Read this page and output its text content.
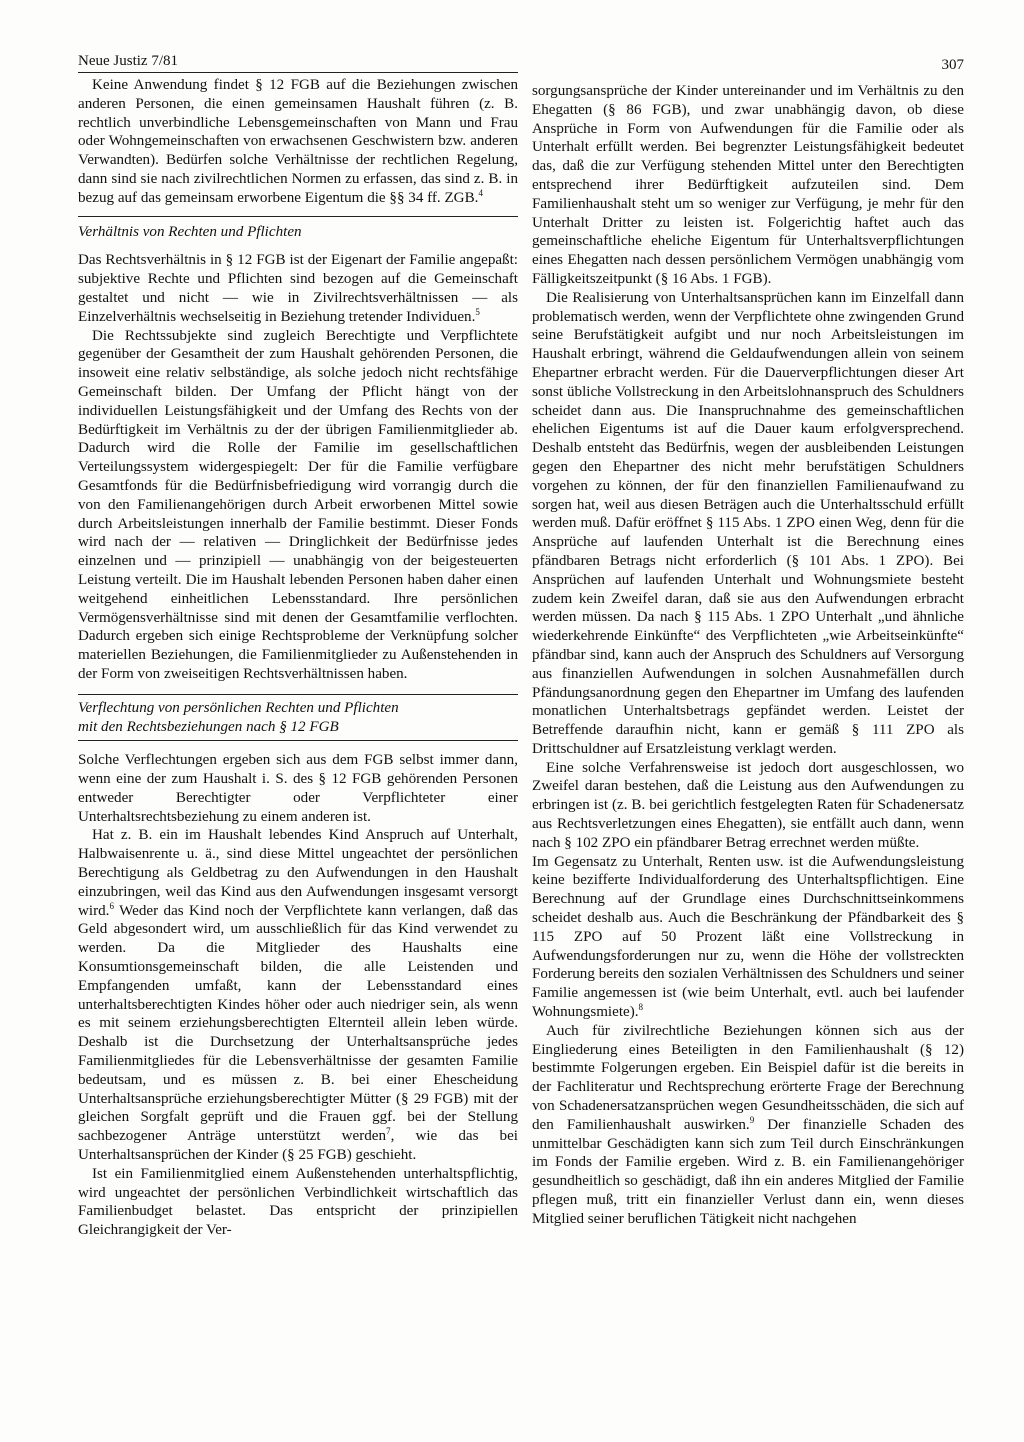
Neue Justiz 7/81	307

Keine Anwendung findet § 12 FGB auf die Beziehungen zwischen anderen Personen, die einen gemeinsamen Haushalt führen (z. B. rechtlich unverbindliche Lebensgemeinschaften von Mann und Frau oder Wohngemeinschaften von erwachsenen Geschwistern bzw. anderen Verwandten). Bedürfen solche Verhältnisse der rechtlichen Regelung, dann sind sie nach zivilrechtlichen Normen zu erfassen, das sind z. B. in bezug auf das gemeinsam erworbene Eigentum die §§ 34 ff. ZGB.$^4$

Verhältnis von Rechten und Pflichten

Das Rechtsverhältnis in § 12 FGB ist der Eigenart der Familie angepaßt: subjektive Rechte und Pflichten sind bezogen auf die Gemeinschaft gestaltet und nicht — wie in Zivilrechtsverhältnissen — als Einzelverhältnis wechselseitig in Beziehung tretender Individuen.$^5$

Die Rechtssubjekte sind zugleich Berechtigte und Verpflichtete gegenüber der Gesamtheit der zum Haushalt gehörenden Personen, die insoweit eine relativ selbständige, als solche jedoch nicht rechtsfähige Gemeinschaft bilden. Der Umfang der Pflicht hängt von der individuellen Leistungsfähigkeit und der Umfang des Rechts von der Bedürftigkeit im Verhältnis zu der der übrigen Familienmitglieder ab. Dadurch wird die Rolle der Familie im gesellschaftlichen Verteilungssystem widergespiegelt: Der für die Familie verfügbare Gesamtfonds für die Bedürfnisbefriedigung wird vorrangig durch die von den Familienangehörigen durch Arbeit erworbenen Mittel sowie durch Arbeitsleistungen innerhalb der Familie bestimmt. Dieser Fonds wird nach der — relativen — Dringlichkeit der Bedürfnisse jedes einzelnen und — prinzipiell — unabhängig von der beigesteuerten Leistung verteilt. Die im Haushalt lebenden Personen haben daher einen weitgehend einheitlichen Lebensstandard. Ihre persönlichen Vermögensverhältnisse sind mit denen der Gesamtfamilie verflochten. Dadurch ergeben sich einige Rechtsprobleme der Verknüpfung solcher materiellen Beziehungen, die Familienmitglieder zu Außenstehenden in der Form von zweiseitigen Rechtsverhältnissen haben.

Verflechtung von persönlichen Rechten und Pflichten
mit den Rechtsbeziehungen nach § 12 FGB

Solche Verflechtungen ergeben sich aus dem FGB selbst immer dann, wenn eine der zum Haushalt i. S. des § 12 FGB gehörenden Personen entweder Berechtigter oder Verpflichteter einer Unterhaltsrechtsbeziehung zu einem anderen ist.

Hat z. B. ein im Haushalt lebendes Kind Anspruch auf Unterhalt, Halbwaisenrente u. ä., sind diese Mittel ungeachtet der persönlichen Berechtigung als Geldbetrag zu den Aufwendungen in den Haushalt einzubringen, weil das Kind aus den Aufwendungen insgesamt versorgt wird.$^6$ Weder das Kind noch der Verpflichtete kann verlangen, daß das Geld abgesondert wird, um ausschließlich für das Kind verwendet zu werden. Da die Mitglieder des Haushalts eine Konsumtionsgemeinschaft bilden, die alle Leistenden und Empfangenden umfaßt, kann der Lebensstandard eines unterhaltsberechtigten Kindes höher oder auch niedriger sein, als wenn es mit seinem erziehungsberechtigten Elternteil allein leben würde. Deshalb ist die Durchsetzung der Unterhaltsansprüche jedes Familienmitgliedes für die Lebensverhältnisse der gesamten Familie bedeutsam, und es müssen z. B. bei einer Ehescheidung Unterhaltsansprüche erziehungsberechtigter Mütter (§ 29 FGB) mit der gleichen Sorgfalt geprüft und die Frauen ggf. bei der Stellung sachbezogener Anträge unterstützt werden$^7$, wie das bei Unterhaltsansprüchen der Kinder (§ 25 FGB) geschieht.

Ist ein Familienmitglied einem Außenstehenden unterhaltspflichtig, wird ungeachtet der persönlichen Verbindlichkeit wirtschaftlich das Familienbudget belastet. Das entspricht der prinzipiellen Gleichrangigkeit der Ver-

sorgungsansprüche der Kinder untereinander und im Verhältnis zu den Ehegatten (§ 86 FGB), und zwar unabhängig davon, ob diese Ansprüche in Form von Aufwendungen für die Familie oder als Unterhalt erfüllt werden. Bei begrenzter Leistungsfähigkeit bedeutet das, daß die zur Verfügung stehenden Mittel unter den Berechtigten entsprechend ihrer Bedürftigkeit aufzuteilen sind. Dem Familienhaushalt steht um so weniger zur Verfügung, je mehr für den Unterhalt Dritter zu leisten ist. Folgerichtig haftet auch das gemeinschaftliche eheliche Eigentum für Unterhaltsverpflichtungen eines Ehegatten nach dessen persönlichem Vermögen unabhängig vom Fälligkeitszeitpunkt (§ 16 Abs. 1 FGB).

Die Realisierung von Unterhaltsansprüchen kann im Einzelfall dann problematisch werden, wenn der Verpflichtete ohne zwingenden Grund seine Berufstätigkeit aufgibt und nur noch Arbeitsleistungen im Haushalt erbringt, während die Geldaufwendungen allein von seinem Ehepartner erbracht werden. Für die Dauerverpflichtungen dieser Art sonst übliche Vollstreckung in den Arbeitslohnanspruch des Schuldners scheidet dann aus. Die Inanspruchnahme des gemeinschaftlichen ehelichen Eigentums ist auf die Dauer kaum erfolgversprechend. Deshalb entsteht das Bedürfnis, wegen der ausbleibenden Leistungen gegen den Ehepartner des nicht mehr berufstätigen Schuldners vorgehen zu können, der für den finanziellen Familienaufwand zu sorgen hat, weil aus diesen Beträgen auch die Unterhaltsschuld erfüllt werden muß. Dafür eröffnet § 115 Abs. 1 ZPO einen Weg, denn für die Ansprüche auf laufenden Unterhalt ist die Berechnung eines pfändbaren Betrags nicht erforderlich (§ 101 Abs. 1 ZPO). Bei Ansprüchen auf laufenden Unterhalt und Wohnungsmiete besteht zudem kein Zweifel daran, daß sie aus den Aufwendungen erbracht werden müssen. Da nach § 115 Abs. 1 ZPO Unterhalt „und ähnliche wiederkehrende Einkünfte“ des Verpflichteten „wie Arbeitseinkünfte“ pfändbar sind, kann auch der Anspruch des Schuldners auf Versorgung aus finanziellen Aufwendungen in solchen Ausnahmefällen durch Pfändungsanordnung gegen den Ehepartner im Umfang des laufenden monatlichen Unterhaltsbetrags gepfändet werden. Leistet der Betreffende daraufhin nicht, kann er gemäß § 111 ZPO als Drittschuldner auf Ersatzleistung verklagt werden.

Eine solche Verfahrensweise ist jedoch dort ausgeschlossen, wo Zweifel daran bestehen, daß die Leistung aus den Aufwendungen zu erbringen ist (z. B. bei gerichtlich festgelegten Raten für Schadenersatz aus Rechtsverletzungen eines Ehegatten), sie entfällt auch dann, wenn nach § 102 ZPO ein pfändbarer Betrag errechnet werden müßte.

Im Gegensatz zu Unterhalt, Renten usw. ist die Aufwendungsleistung keine bezifferte Individualforderung des Unterhaltspflichtigen. Eine Berechnung auf der Grundlage eines Durchschnittseinkommens scheidet deshalb aus. Auch die Beschränkung der Pfändbarkeit des § 115 ZPO auf 50 Prozent läßt eine Vollstreckung in Aufwendungsforderungen nur zu, wenn die Höhe der vollstreckten Forderung bereits den sozialen Verhältnissen des Schuldners und seiner Familie angemessen ist (wie beim Unterhalt, evtl. auch bei laufender Wohnungsmiete).$^8$

Auch für zivilrechtliche Beziehungen können sich aus der Eingliederung eines Beteiligten in den Familienhaushalt (§ 12) bestimmte Folgerungen ergeben. Ein Beispiel dafür ist die bereits in der Fachliteratur und Rechtsprechung erörterte Frage der Berechnung von Schadenersatzansprüchen wegen Gesundheitsschäden, die sich auf den Familienhaushalt auswirken.$^9$ Der finanzielle Schaden des unmittelbar Geschädigten kann sich zum Teil durch Einschränkungen im Fonds der Familie ergeben. Wird z. B. ein Familienangehöriger gesundheitlich so geschädigt, daß ihn ein anderes Mitglied der Familie pflegen muß, tritt ein finanzieller Verlust dann ein, wenn dieses Mitglied seiner beruflichen Tätigkeit nicht nachgehen
